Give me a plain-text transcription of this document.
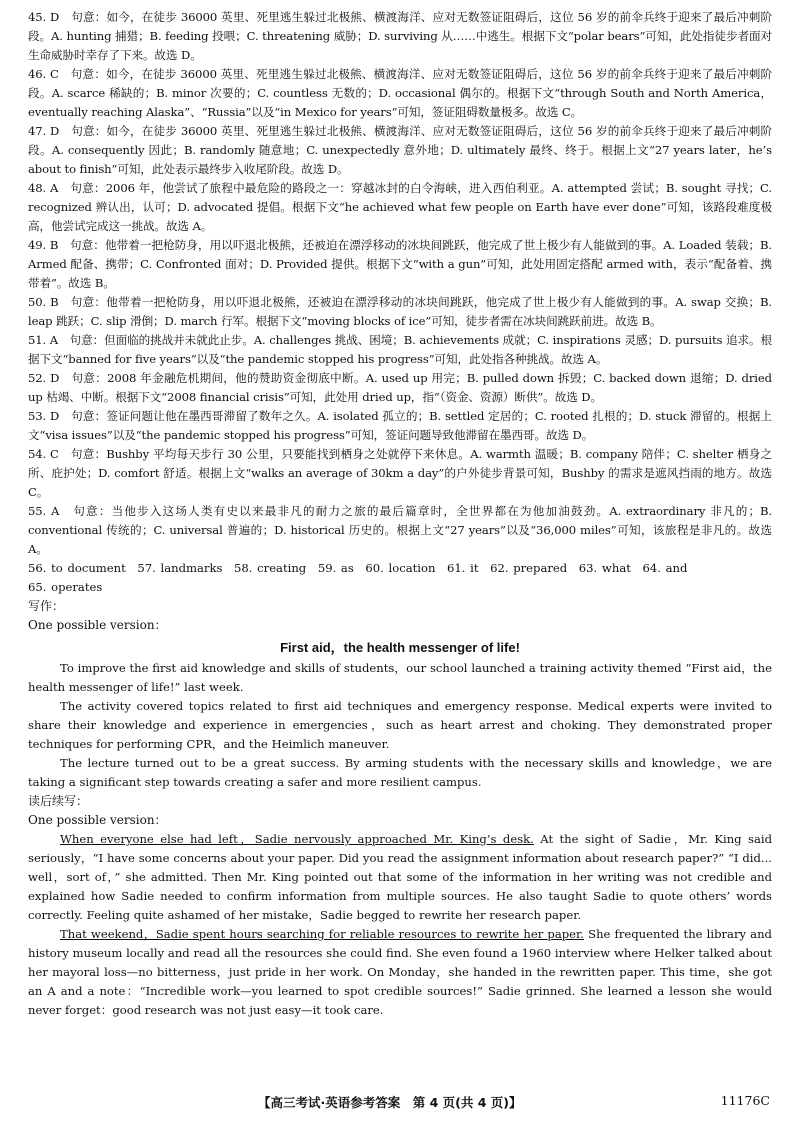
45. D　句意：如今，在徒步 36000 英里、死里逃生躲过北极熊、横渡海洋、应对无数签证阻碍后，这位 56 岁的前伞兵终于迎来了最后冲刺阶段。A. hunting 捕猎；B. feeding 投喂；C. threatening 威胁；D. surviving 从……中逃生。根据下文“polar bears”可知，此处指徒步者面对生命威胁时幸存了下来。故选 D。

46. C　句意：如今，在徒步 36000 英里、死里逃生躲过北极熊、横渡海洋、应对无数签证阻碍后，这位 56 岁的前伞兵终于迎来了最后冲刺阶段。A. scarce 稀缺的；B. minor 次要的；C. countless 无数的；D. occasional 偶尔的。根据下文“through South and North America，eventually reaching Alaska”、“Russia”以及“in Mexico for years”可知，签证阻碍数量极多。故选 C。

47. D　句意：如今，在徒步 36000 英里、死里逃生躲过北极熊、横渡海洋、应对无数签证阻碍后，这位 56 岁的前伞兵终于迎来了最后冲刺阶段。A. consequently 因此；B. randomly 随意地；C. unexpectedly 意外地；D. ultimately 最终、终于。根据上文“27 years later，he’s about to finish”可知，此处表示最终步入收尾阶段。故选 D。

48. A　句意：2006 年，他尝试了旅程中最危险的路段之一：穿越冰封的白令海峡，进入西伯利亚。A. attempted 尝试；B. sought 寻找；C. recognized 辨认出，认可；D. advocated 提倡。根据下文“he achieved what few people on Earth have ever done”可知，该路段难度极高，他尝试完成这一挑战。故选 A。

49. B　句意：他带着一把枪防身，用以吓退北极熊，还被迫在漂浮移动的冰块间跳跃，他完成了世上极少有人能做到的事。A. Loaded 装载；B. Armed 配备、携带；C. Confronted 面对；D. Provided 提供。根据下文“with a gun”可知，此处用固定搭配 armed with，表示“配备着、携带着”。故选 B。

50. B　句意：他带着一把枪防身，用以吓退北极熊，还被迫在漂浮移动的冰块间跳跃，他完成了世上极少有人能做到的事。A. swap 交换；B. leap 跳跃；C. slip 滑倒；D. march 行军。根据下文“moving blocks of ice”可知，徒步者需在冰块间跳跃前进。故选 B。

51. A　句意：但面临的挑战并未就此止步。A. challenges 挑战、困境；B. achievements 成就；C. inspirations 灵感；D. pursuits 追求。根据下文“banned for five years”以及“the pandemic stopped his progress”可知，此处指各种挑战。故选 A。

52. D　句意：2008 年金融危机期间，他的赞助资金彻底中断。A. used up 用完；B. pulled down 拆毁；C. backed down 退缩；D. dried up 枯竭、中断。根据下文“2008 financial crisis”可知，此处用 dried up，指“（资金、资源）断供”。故选 D。

53. D　句意：签证问题让他在墨西哥滞留了数年之久。A. isolated 孤立的；B. settled 定居的；C. rooted 扎根的；D. stuck 滞留的。根据上文“visa issues”以及“the pandemic stopped his progress”可知，签证问题导致他滞留在墨西哥。故选 D。

54. C　句意：Bushby 平均每天步行 30 公里，只要能找到栖身之处就停下来休息。A. warmth 温暖；B. company 陪伴；C. shelter 栖身之所、庇护处；D. comfort 舒适。根据上文“walks an average of 30km a day”的户外徒步背景可知，Bushby 的需求是遮风挡雨的地方。故选 C。

55. A　句意：当他步入这场人类有史以来最非凡的耐力之旅的最后篇章时，全世界都在为他加油鼓劲。A. extraordinary 非凡的；B. conventional 传统的；C. universal 普遍的；D. historical 历史的。根据上文“27 years”以及“36,000 miles”可知，该旅程是非凡的。故选 A。

56. to document　57. landmarks　58. creating　59. as　60. location　61. it　62. prepared　63. what　64. and

65. operates

写作：

One possible version：

First aid，the health messenger of life!

To improve the first aid knowledge and skills of students，our school launched a training activity themed “First aid，the health messenger of life!” last week.

The activity covered topics related to first aid techniques and emergency response. Medical experts were invited to share their knowledge and experience in emergencies，such as heart arrest and choking. They demonstrated proper techniques for performing CPR，and the Heimlich maneuver.

The lecture turned out to be a great success. By arming students with the necessary skills and knowledge，we are taking a significant step towards creating a safer and more resilient campus.

读后续写：

One possible version：

When everyone else had left，Sadie nervously approached Mr. King’s desk. At the sight of Sadie，Mr. King said seriously，“I have some concerns about your paper. Did you read the assignment information about research paper?” “I did... well，sort of，” she admitted. Then Mr. King pointed out that some of the information in her writing was not credible and explained how Sadie needed to confirm information from multiple sources. He also taught Sadie to quote others’ words correctly. Feeling quite ashamed of her mistake，Sadie begged to rewrite her research paper.

That weekend，Sadie spent hours searching for reliable resources to rewrite her paper. She frequented the library and history museum locally and read all the resources she could find. She even found a 1960 interview where Helker talked about her mayoral loss—no bitterness，just pride in her work. On Monday，she handed in the rewritten paper. This time，she got an A and a note：“Incredible work—you learned to spot credible sources!” Sadie grinned. She learned a lesson she would never forget：good research was not just easy—it took care.

【高三考试·英语参考答案　第 4 页(共 4 页)】	11176C
